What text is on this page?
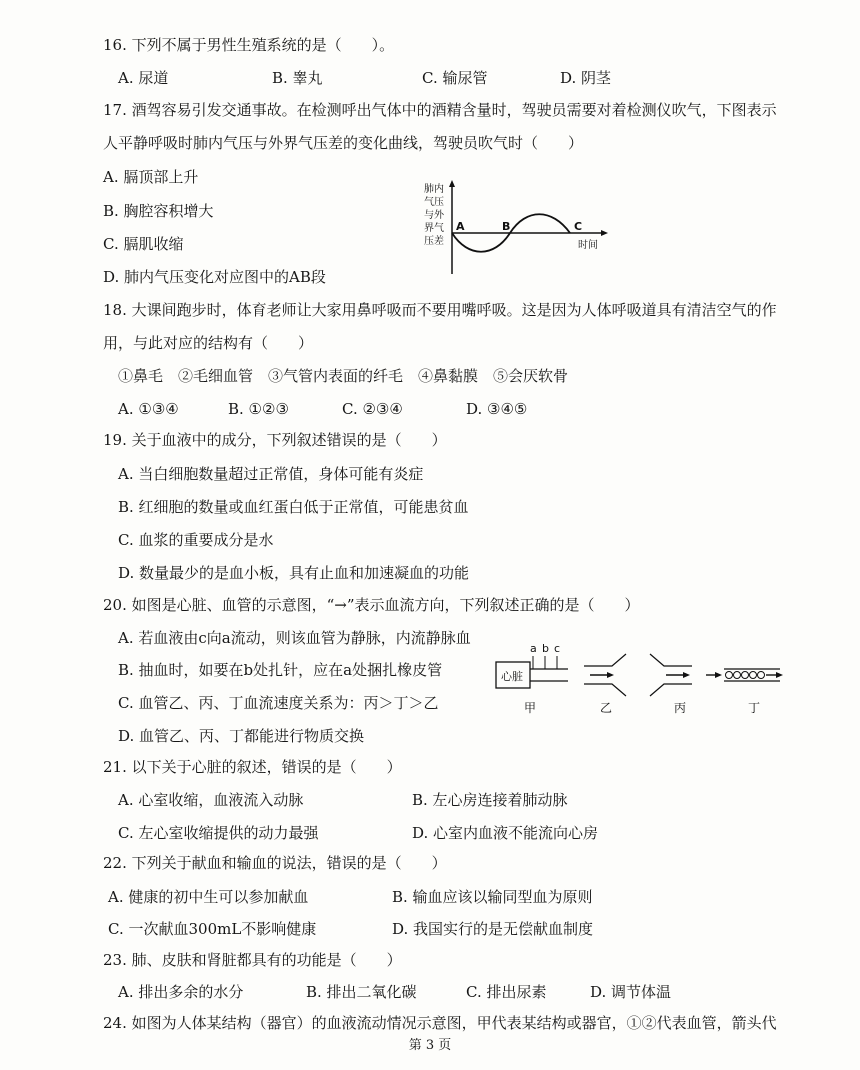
16. 下列不属于男性生殖系统的是（　　）。
A. 尿道	B. 睾丸	C. 输尿管	D. 阴茎
17. 酒驾容易引发交通事故。在检测呼出气体中的酒精含量时，驾驶员需要对着检测仪吹气，下图表示
人平静呼吸时肺内气压与外界气压差的变化曲线，驾驶员吹气时（　　）
A. 膈顶部上升
B. 胸腔容积增大
C. 膈肌收缩
D. 肺内气压变化对应图中的AB段
肺内
气压
与外
界气
压差
A	B	C
时间
18. 大课间跑步时，体育老师让大家用鼻呼吸而不要用嘴呼吸。这是因为人体呼吸道具有清洁空气的作
用，与此对应的结构有（　　）
①鼻毛　②毛细血管　③气管内表面的纤毛　④鼻黏膜　⑤会厌软骨
A. ①③④	B. ①②③	C. ②③④	D. ③④⑤
19. 关于血液中的成分，下列叙述错误的是（　　）
A. 当白细胞数量超过正常值，身体可能有炎症
B. 红细胞的数量或血红蛋白低于正常值，可能患贫血
C. 血浆的重要成分是水
D. 数量最少的是血小板，具有止血和加速凝血的功能
20. 如图是心脏、血管的示意图，“→”表示血流方向，下列叙述正确的是（　　）
A. 若血液由c向a流动，则该血管为静脉，内流静脉血
B. 抽血时，如要在b处扎针，应在a处捆扎橡皮管
C. 血管乙、丙、丁血流速度关系为：丙＞丁＞乙
D. 血管乙、丙、丁都能进行物质交换
心脏
a b c
甲	乙	丙	丁
21. 以下关于心脏的叙述，错误的是（　　）
A. 心室收缩，血液流入动脉	B. 左心房连接着肺动脉
C. 左心室收缩提供的动力最强	D. 心室内血液不能流向心房
22. 下列关于献血和输血的说法，错误的是（　　）
A. 健康的初中生可以参加献血	B. 输血应该以输同型血为原则
C. 一次献血300mL不影响健康	D. 我国实行的是无偿献血制度
23. 肺、皮肤和肾脏都具有的功能是（　　）
A. 排出多余的水分	B. 排出二氧化碳	C. 排出尿素	D. 调节体温
24. 如图为人体某结构（器官）的血液流动情况示意图，甲代表某结构或器官，①②代表血管，箭头代
第 3 页
